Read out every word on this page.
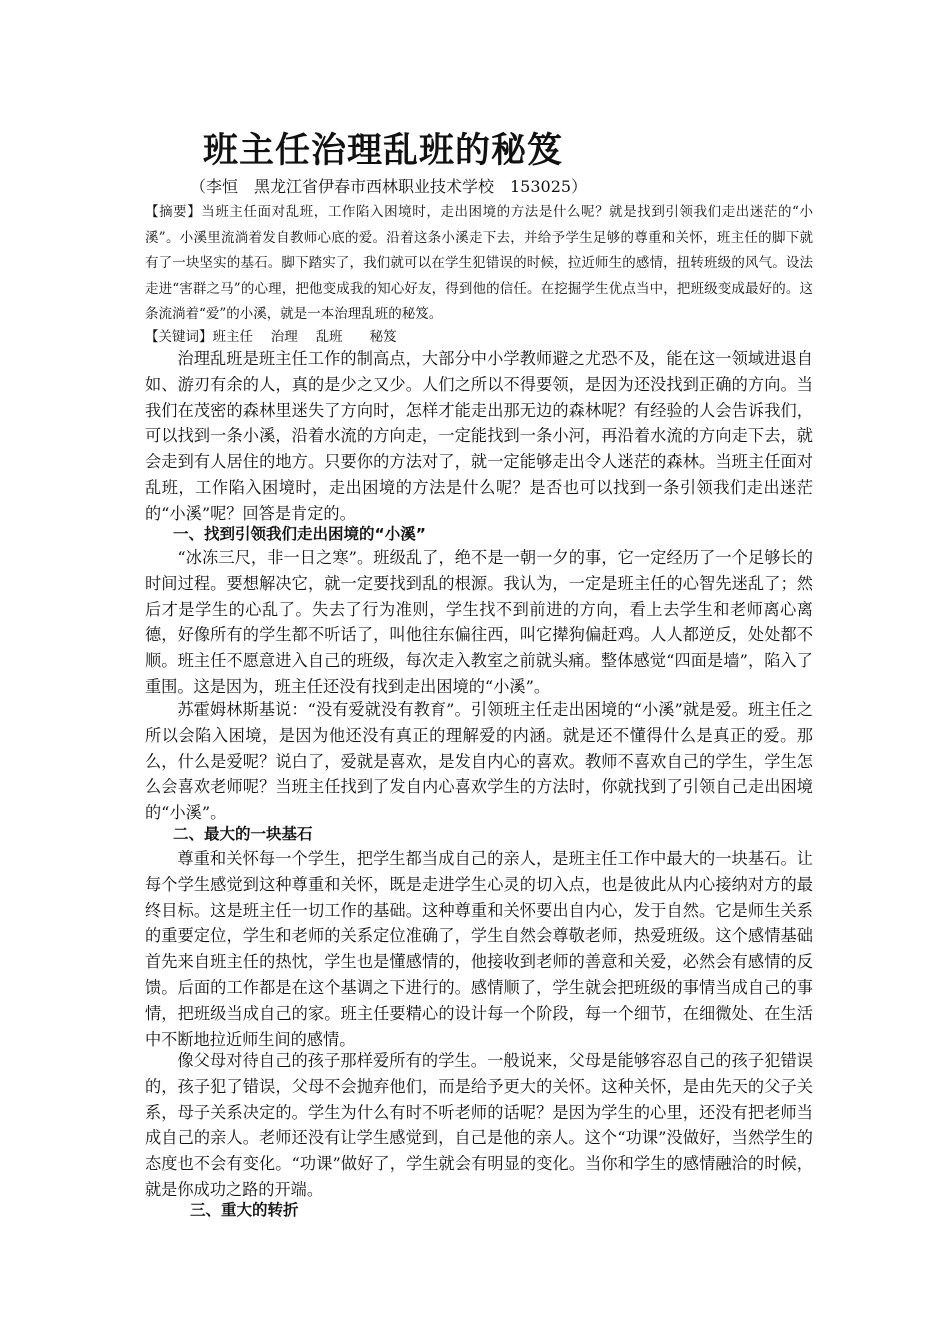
班主任治理乱班的秘笈
（李恒　黑龙江省伊春市西林职业技术学校　153025）

【摘要】当班主任面对乱班，工作陷入困境时，走出困境的方法是什么呢？就是找到引领我们走出迷茫的“小溪”。小溪里流淌着发自教师心底的爱。沿着这条小溪走下去，并给予学生足够的尊重和关怀，班主任的脚下就有了一块坚实的基石。脚下踏实了，我们就可以在学生犯错误的时候，拉近师生的感情，扭转班级的风气。设法走进“害群之马”的心理，把他变成我的知心好友，得到他的信任。在挖掘学生优点当中，把班级变成最好的。这条流淌着“爱”的小溪，就是一本治理乱班的秘笈。

【关键词】班主任　 治理　 乱班　　秘笈

治理乱班是班主任工作的制高点，大部分中小学教师避之尤恐不及，能在这一领域进退自如、游刃有余的人，真的是少之又少。人们之所以不得要领，是因为还没找到正确的方向。当我们在茂密的森林里迷失了方向时，怎样才能走出那无边的森林呢？有经验的人会告诉我们，可以找到一条小溪，沿着水流的方向走，一定能找到一条小河，再沿着水流的方向走下去，就会走到有人居住的地方。只要你的方法对了，就一定能够走出令人迷茫的森林。当班主任面对乱班，工作陷入困境时，走出困境的方法是什么呢？是否也可以找到一条引领我们走出迷茫的“小溪”呢？回答是肯定的。

一、找到引领我们走出困境的“小溪”

“冰冻三尺，非一日之寒”。班级乱了，绝不是一朝一夕的事，它一定经历了一个足够长的时间过程。要想解决它，就一定要找到乱的根源。我认为，一定是班主任的心智先迷乱了；然后才是学生的心乱了。失去了行为准则，学生找不到前进的方向，看上去学生和老师离心离德，好像所有的学生都不听话了，叫他往东偏往西，叫它撵狗偏赶鸡。人人都逆反，处处都不顺。班主任不愿意进入自己的班级，每次走入教室之前就头痛。整体感觉“四面是墙”，陷入了重围。这是因为，班主任还没有找到走出困境的“小溪”。

苏霍姆林斯基说：“没有爱就没有教育”。引领班主任走出困境的“小溪”就是爱。班主任之所以会陷入困境，是因为他还没有真正的理解爱的内涵。就是还不懂得什么是真正的爱。那么，什么是爱呢？说白了，爱就是喜欢，是发自内心的喜欢。教师不喜欢自己的学生，学生怎么会喜欢老师呢？当班主任找到了发自内心喜欢学生的方法时，你就找到了引领自己走出困境的“小溪”。

二、最大的一块基石

尊重和关怀每一个学生，把学生都当成自己的亲人，是班主任工作中最大的一块基石。让每个学生感觉到这种尊重和关怀，既是走进学生心灵的切入点，也是彼此从内心接纳对方的最终目标。这是班主任一切工作的基础。这种尊重和关怀要出自内心，发于自然。它是师生关系的重要定位，学生和老师的关系定位准确了，学生自然会尊敬老师，热爱班级。这个感情基础首先来自班主任的热忱，学生也是懂感情的，他接收到老师的善意和关爱，必然会有感情的反馈。后面的工作都是在这个基调之下进行的。感情顺了，学生就会把班级的事情当成自己的事情，把班级当成自己的家。班主任要精心的设计每一个阶段，每一个细节，在细微处、在生活中不断地拉近师生间的感情。

像父母对待自己的孩子那样爱所有的学生。一般说来，父母是能够容忍自己的孩子犯错误的，孩子犯了错误，父母不会抛弃他们，而是给予更大的关怀。这种关怀，是由先天的父子关系，母子关系决定的。学生为什么有时不听老师的话呢？是因为学生的心里，还没有把老师当成自己的亲人。老师还没有让学生感觉到，自己是他的亲人。这个“功课”没做好，当然学生的态度也不会有变化。“功课”做好了，学生就会有明显的变化。当你和学生的感情融洽的时候，就是你成功之路的开端。

三、重大的转折
